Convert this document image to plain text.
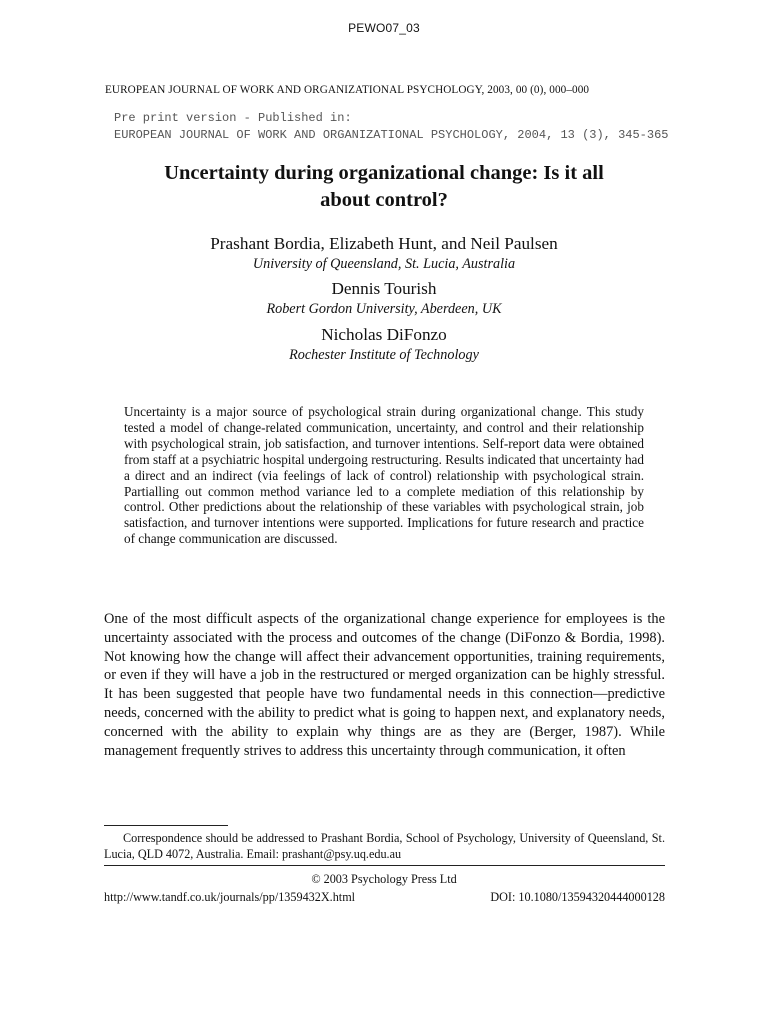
PEWO07_03
EUROPEAN JOURNAL OF WORK AND ORGANIZATIONAL PSYCHOLOGY, 2003, 00 (0), 000–000
Pre print version - Published in:
EUROPEAN JOURNAL OF WORK AND ORGANIZATIONAL PSYCHOLOGY, 2004, 13 (3), 345-365
Uncertainty during organizational change: Is it all
about control?
Prashant Bordia, Elizabeth Hunt, and Neil Paulsen
University of Queensland, St. Lucia, Australia
Dennis Tourish
Robert Gordon University, Aberdeen, UK
Nicholas DiFonzo
Rochester Institute of Technology
Uncertainty is a major source of psychological strain during organizational change. This study tested a model of change-related communication, uncertainty, and control and their relationship with psychological strain, job satisfaction, and turnover intentions. Self-report data were obtained from staff at a psychiatric hospital undergoing restructuring. Results indicated that uncertainty had a direct and an indirect (via feelings of lack of control) relationship with psychological strain. Partialling out common method variance led to a complete mediation of this relationship by control. Other predictions about the relationship of these variables with psychological strain, job satisfaction, and turnover intentions were supported. Implications for future research and practice of change communication are discussed.
One of the most difficult aspects of the organizational change experience for employees is the uncertainty associated with the process and outcomes of the change (DiFonzo & Bordia, 1998). Not knowing how the change will affect their advancement opportunities, training requirements, or even if they will have a job in the restructured or merged organization can be highly stressful. It has been suggested that people have two fundamental needs in this connection—predictive needs, concerned with the ability to predict what is going to happen next, and explanatory needs, concerned with the ability to explain why things are as they are (Berger, 1987). While management frequently strives to address this uncertainty through communication, it often
Correspondence should be addressed to Prashant Bordia, School of Psychology, University of Queensland, St. Lucia, QLD 4072, Australia. Email: prashant@psy.uq.edu.au
© 2003 Psychology Press Ltd
http://www.tandf.co.uk/journals/pp/1359432X.html	DOI: 10.1080/13594320444000128
